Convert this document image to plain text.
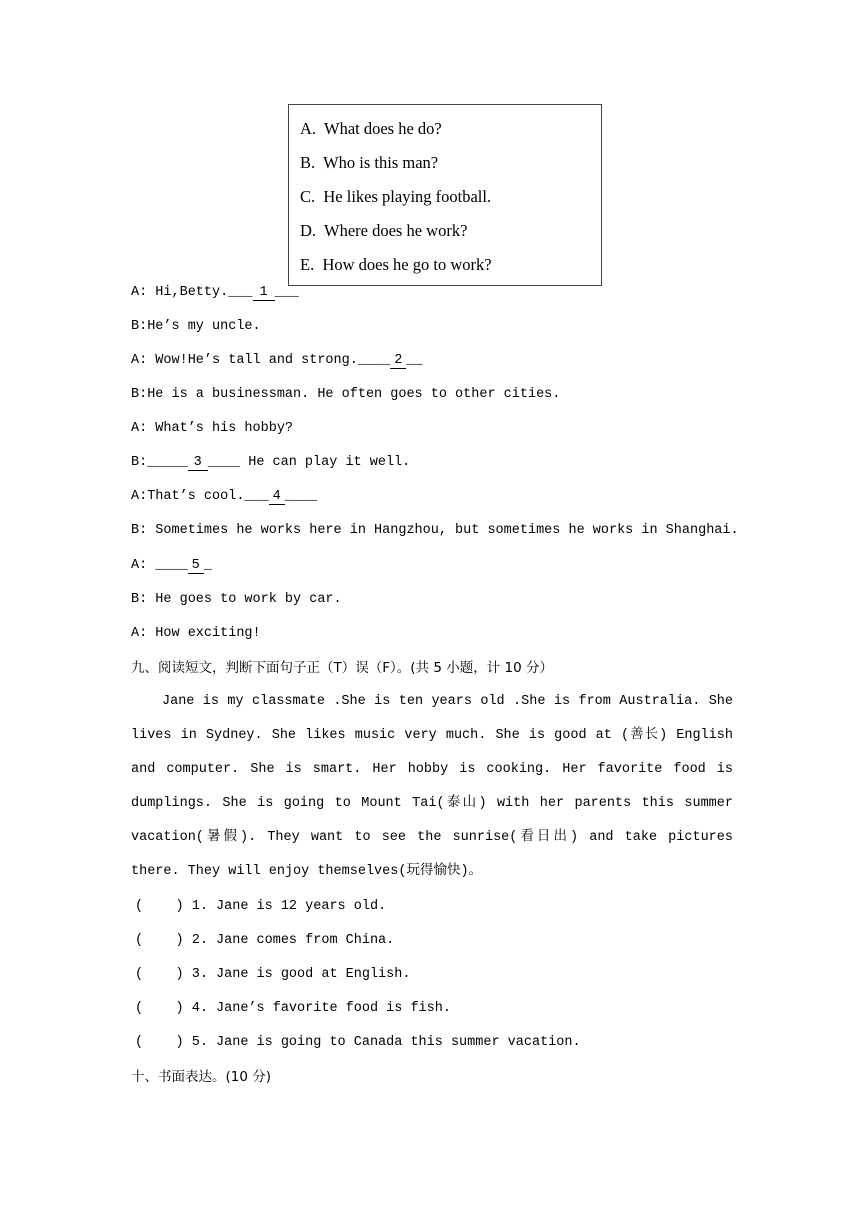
A. What does he do?
B. Who is this man?
C. He likes playing football.
D. Where does he work?
E. How does he go to work?
A: Hi,Betty.___ 1 ___
B:He’s my uncle.
A: Wow!He’s tall and strong.____ 2 __
B:He is a businessman. He often goes to other cities.
A: What’s his hobby?
B:_____ 3 ____ He can play it well.
A:That’s cool.___ 4 ____
B: Sometimes he works here in Hangzhou, but sometimes he works in Shanghai.
A: ____ 5 _
B: He goes to work by car.
A: How exciting!
九、阅读短文，判断下面句子正（T）误（F）。(共 5 小题，计 10 分）

Jane is my classmate .She is ten years old .She is from Australia. She lives in Sydney. She likes music very much. She is good at (善长) English and computer. She is smart. Her hobby is cooking. Her favorite food is dumplings. She is going to Mount Tai(泰山) with her parents this summer vacation(暑假). They want to see the sunrise(看日出) and take pictures there. They will enjoy themselves(玩得愉快)。

(    ) 1. Jane is 12 years old.
(    ) 2. Jane comes from China.
(    ) 3. Jane is good at English.
(    ) 4. Jane’s favorite food is fish.
(    ) 5. Jane is going to Canada this summer vacation.
十、书面表达。(10 分)
